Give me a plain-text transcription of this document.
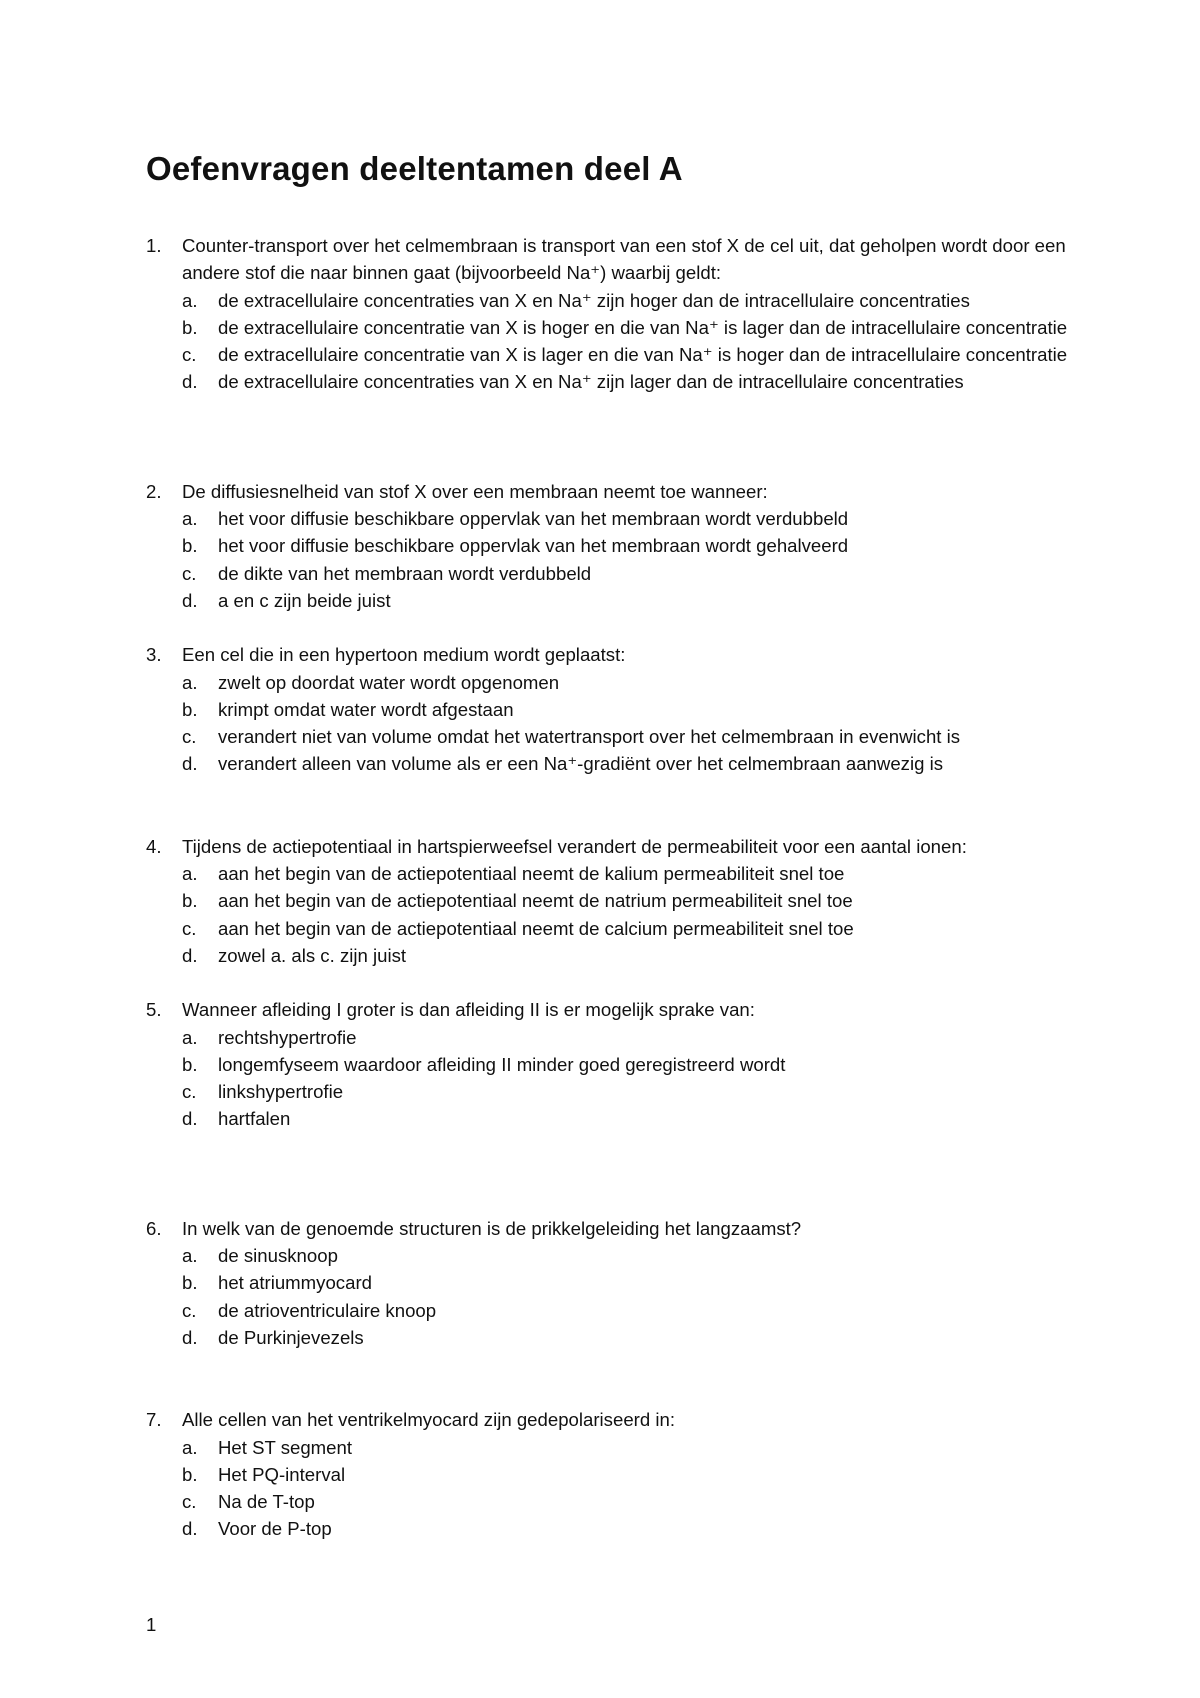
Oefenvragen deeltentamen deel A
1.	Counter-transport over het celmembraan is transport van een stof X de cel uit, dat geholpen wordt door een andere stof die naar binnen gaat (bijvoorbeeld Na⁺) waarbij geldt:
a.	de extracellulaire concentraties van X en Na⁺ zijn hoger dan de intracellulaire concentraties
b.	de extracellulaire concentratie van X is hoger en die van Na⁺ is lager dan de intracellulaire concentratie
c.	de extracellulaire concentratie van X is lager en die van Na⁺ is hoger dan de intracellulaire concentratie
d.	de extracellulaire concentraties van X en Na⁺ zijn lager dan de intracellulaire concentraties
2.	De diffusiesnelheid van stof X over een membraan neemt toe wanneer:
a.	het voor diffusie beschikbare oppervlak van het membraan wordt verdubbeld
b.	het voor diffusie beschikbare oppervlak van het membraan wordt gehalveerd
c.	de dikte van het membraan wordt verdubbeld
d.	a en c zijn beide juist
3.	Een cel die in een hypertoon medium wordt geplaatst:
a.	zwelt op doordat water wordt opgenomen
b.	krimpt omdat water wordt afgestaan
c.	verandert niet van volume omdat het watertransport over het celmembraan in evenwicht is
d.	verandert alleen van volume als er een Na⁺-gradiënt over het celmembraan aanwezig is
4.	Tijdens de actiepotentiaal in hartspierweefsel verandert de permeabiliteit voor een aantal ionen:
a.	aan het begin van de actiepotentiaal neemt de kalium permeabiliteit snel toe
b.	aan het begin van de actiepotentiaal neemt de natrium permeabiliteit snel toe
c.	aan het begin van de actiepotentiaal neemt de calcium permeabiliteit snel toe
d.	zowel a. als c. zijn juist
5.	Wanneer afleiding I groter is dan afleiding II is er mogelijk sprake van:
a.	rechtshypertrofie
b.	longemfyseem waardoor afleiding II minder goed geregistreerd wordt
c.	linkshypertrofie
d.	hartfalen
6.	In welk van de genoemde structuren is de prikkelgeleiding het langzaamst?
a.	de sinusknoop
b.	het atriummyocard
c.	de atrioventriculaire knoop
d.	de Purkinjevezels
7.	Alle cellen van het ventrikelmyocard zijn gedepolariseerd in:
a.	Het ST segment
b.	Het PQ-interval
c.	Na de T-top
d.	Voor de P-top
1
